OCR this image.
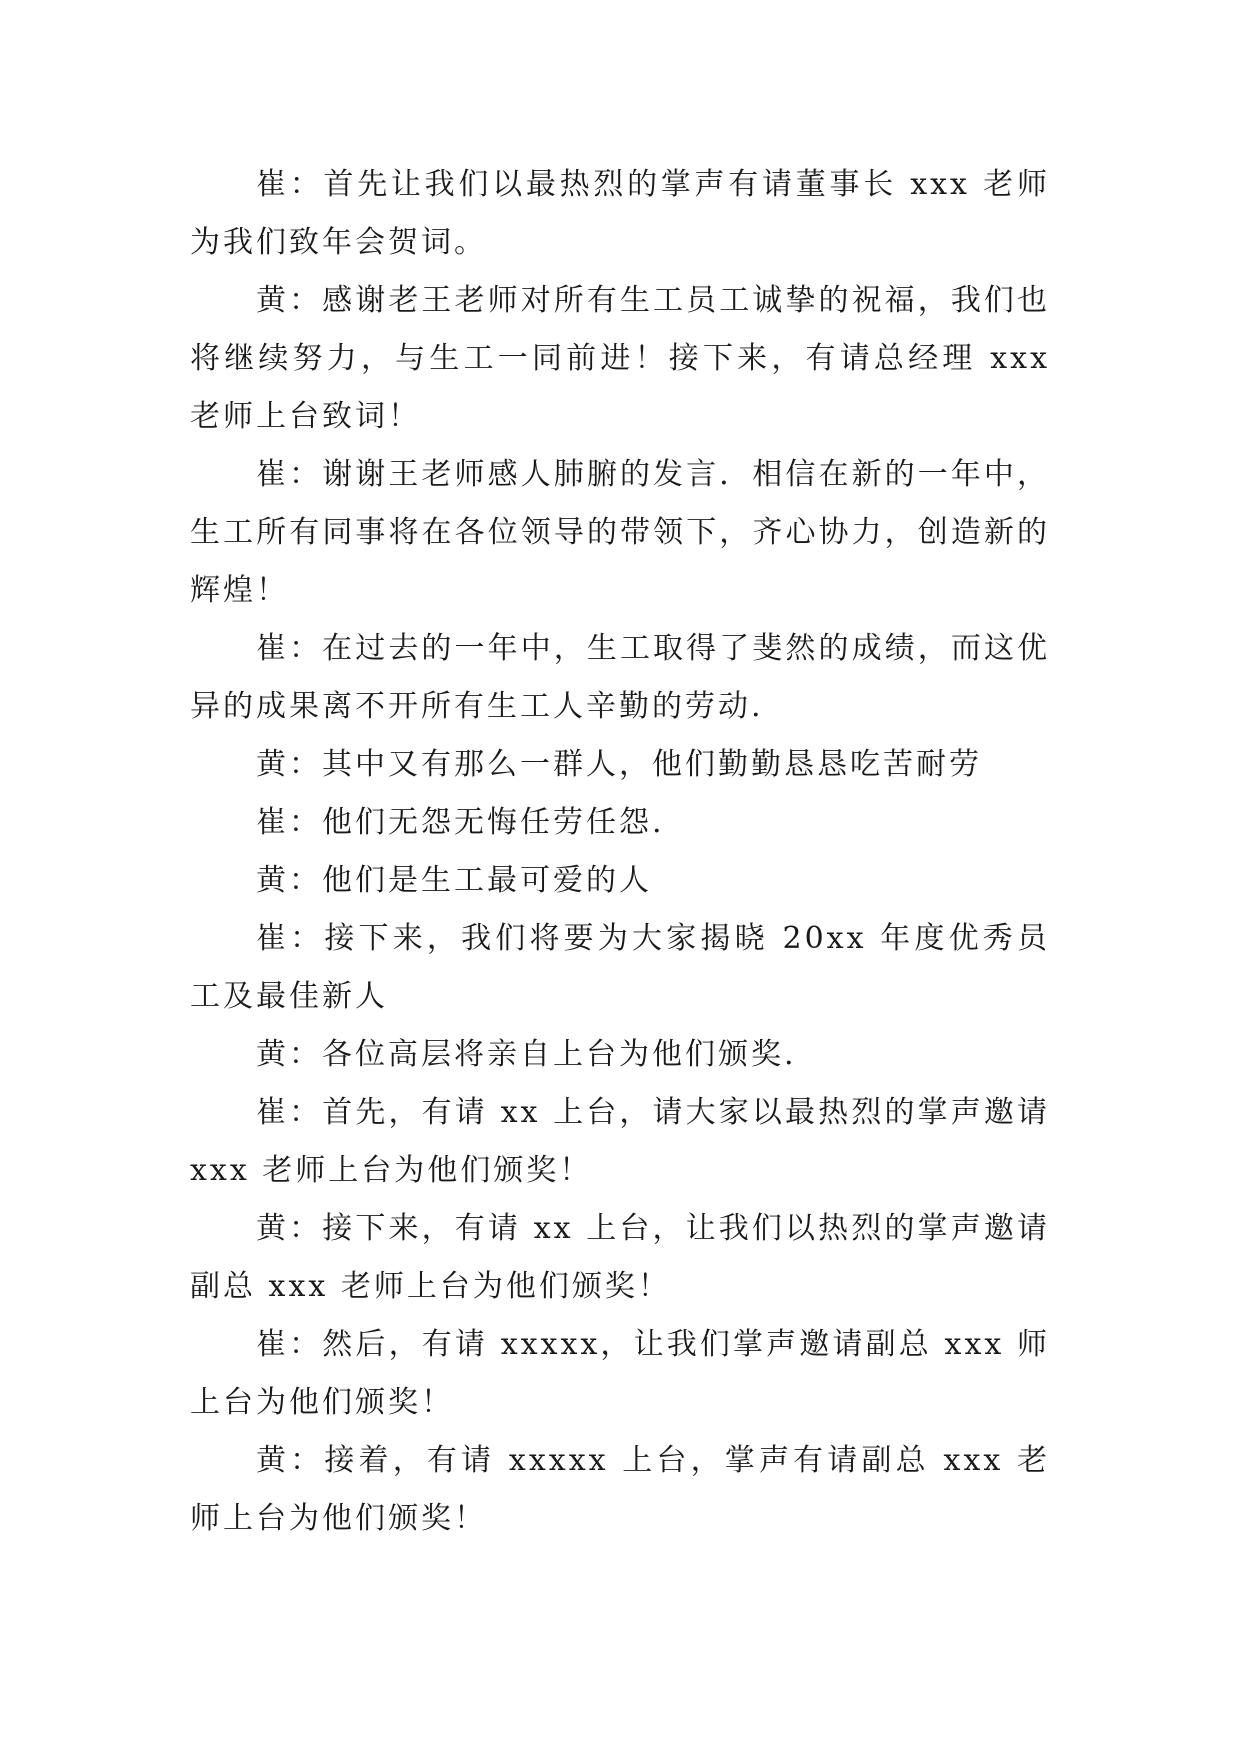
崔：首先让我们以最热烈的掌声有请董事长 xxx 老师为我们致年会贺词。

黄：感谢老王老师对所有生工员工诚挚的祝福，我们也将继续努力，与生工一同前进！接下来，有请总经理 xxx 老师上台致词！

崔：谢谢王老师感人肺腑的发言．相信在新的一年中，生工所有同事将在各位领导的带领下，齐心协力，创造新的辉煌！

崔：在过去的一年中，生工取得了斐然的成绩，而这优异的成果离不开所有生工人辛勤的劳动.

黄：其中又有那么一群人，他们勤勤恳恳吃苦耐劳

崔：他们无怨无悔任劳任怨.

黄：他们是生工最可爱的人

崔：接下来，我们将要为大家揭晓 20xx 年度优秀员工及最佳新人

黄：各位高层将亲自上台为他们颁奖.

崔：首先，有请 xx 上台，请大家以最热烈的掌声邀请 xxx 老师上台为他们颁奖！

黄：接下来，有请 xx 上台，让我们以热烈的掌声邀请副总 xxx 老师上台为他们颁奖！

崔：然后，有请 xxxxx，让我们掌声邀请副总 xxx 师上台为他们颁奖！

黄：接着，有请 xxxxx 上台，掌声有请副总 xxx 老师上台为他们颁奖！
